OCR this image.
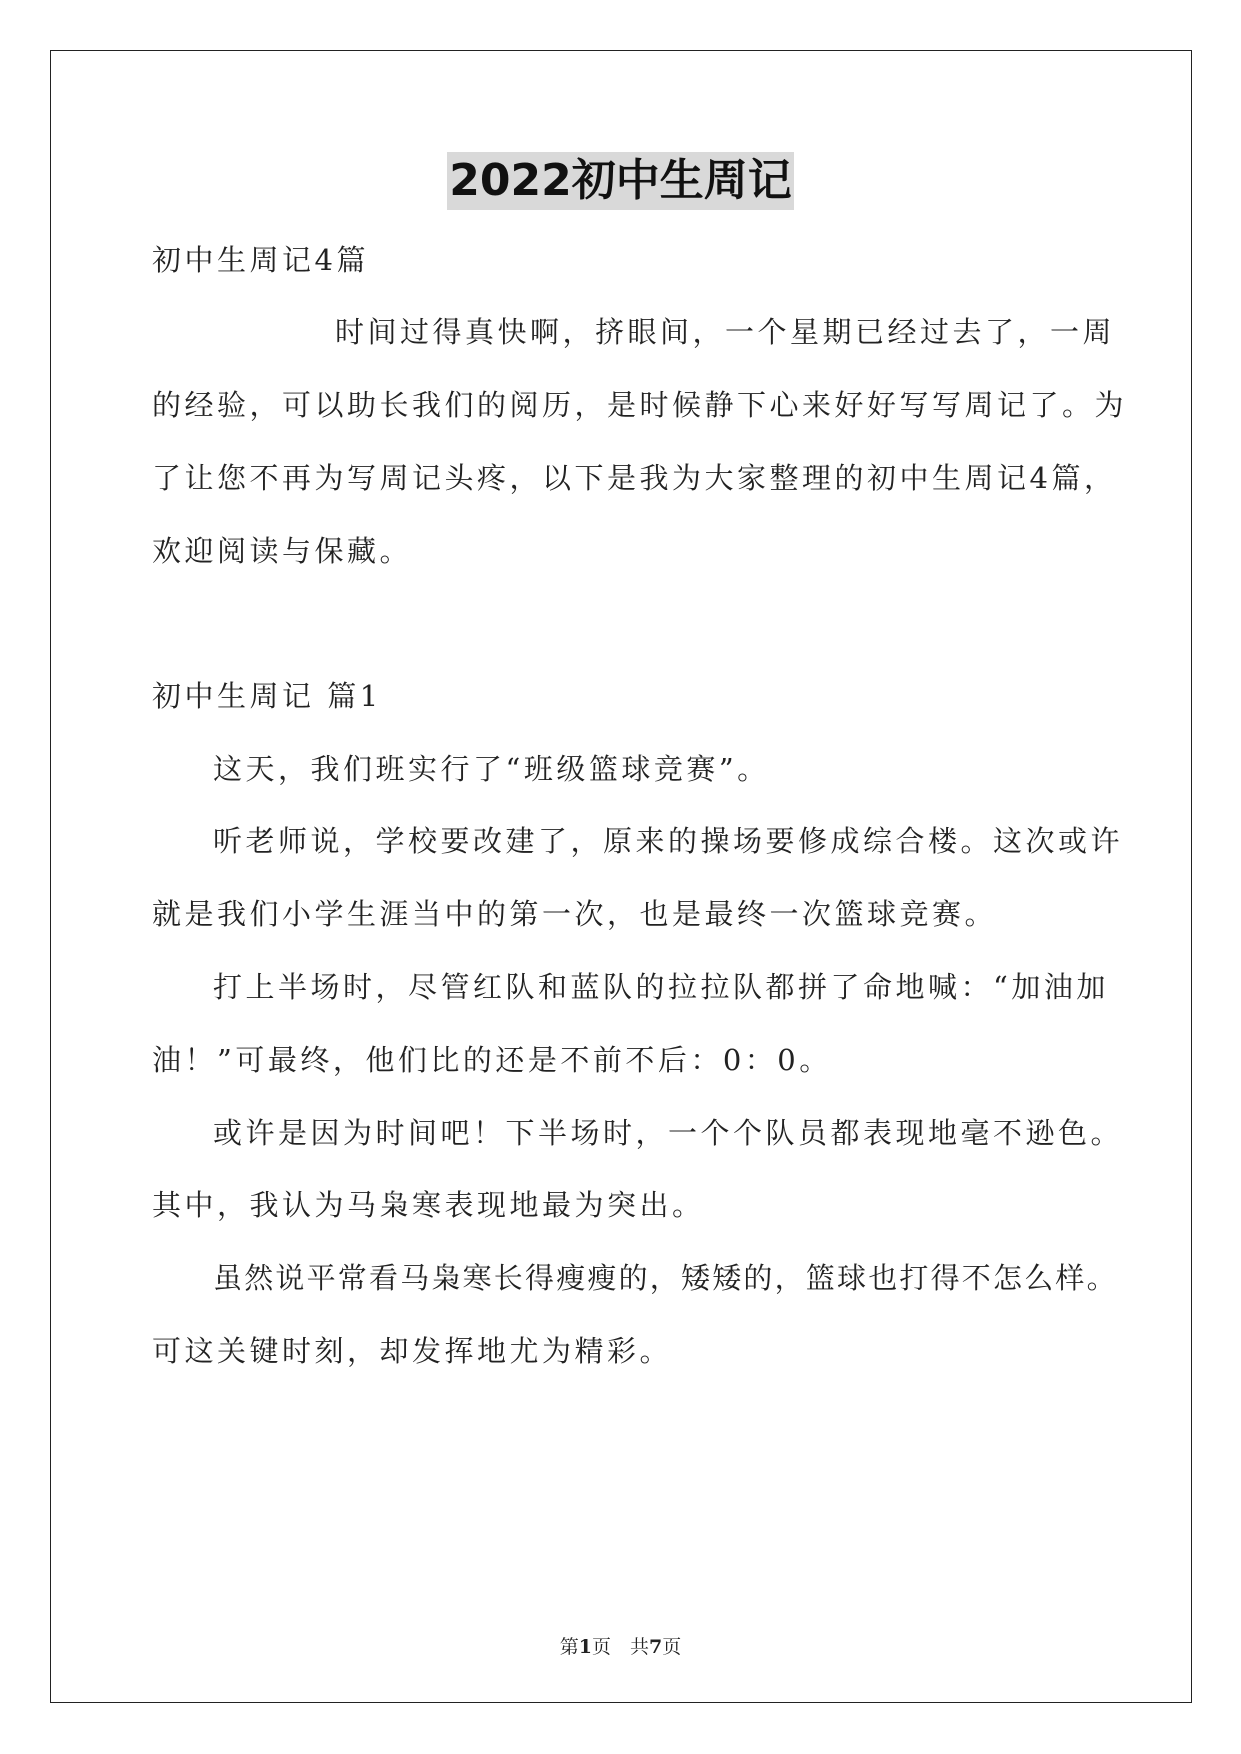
2022初中生周记
初中生周记4篇
时间过得真快啊，挤眼间，一个星期已经过去了，一周
的经验，可以助长我们的阅历，是时候静下心来好好写写周记了。为
了让您不再为写周记头疼，以下是我为大家整理的初中生周记4篇，
欢迎阅读与保藏。
初中生周记 篇1
这天，我们班实行了“班级篮球竞赛”。
听老师说，学校要改建了，原来的操场要修成综合楼。这次或许
就是我们小学生涯当中的第一次，也是最终一次篮球竞赛。
打上半场时，尽管红队和蓝队的拉拉队都拼了命地喊：“加油加
油！”可最终，他们比的还是不前不后：0：0。
或许是因为时间吧！下半场时，一个个队员都表现地毫不逊色。
其中，我认为马枭寒表现地最为突出。
虽然说平常看马枭寒长得瘦瘦的，矮矮的，篮球也打得不怎么样。
可这关键时刻，却发挥地尤为精彩。
第1页　共7页
